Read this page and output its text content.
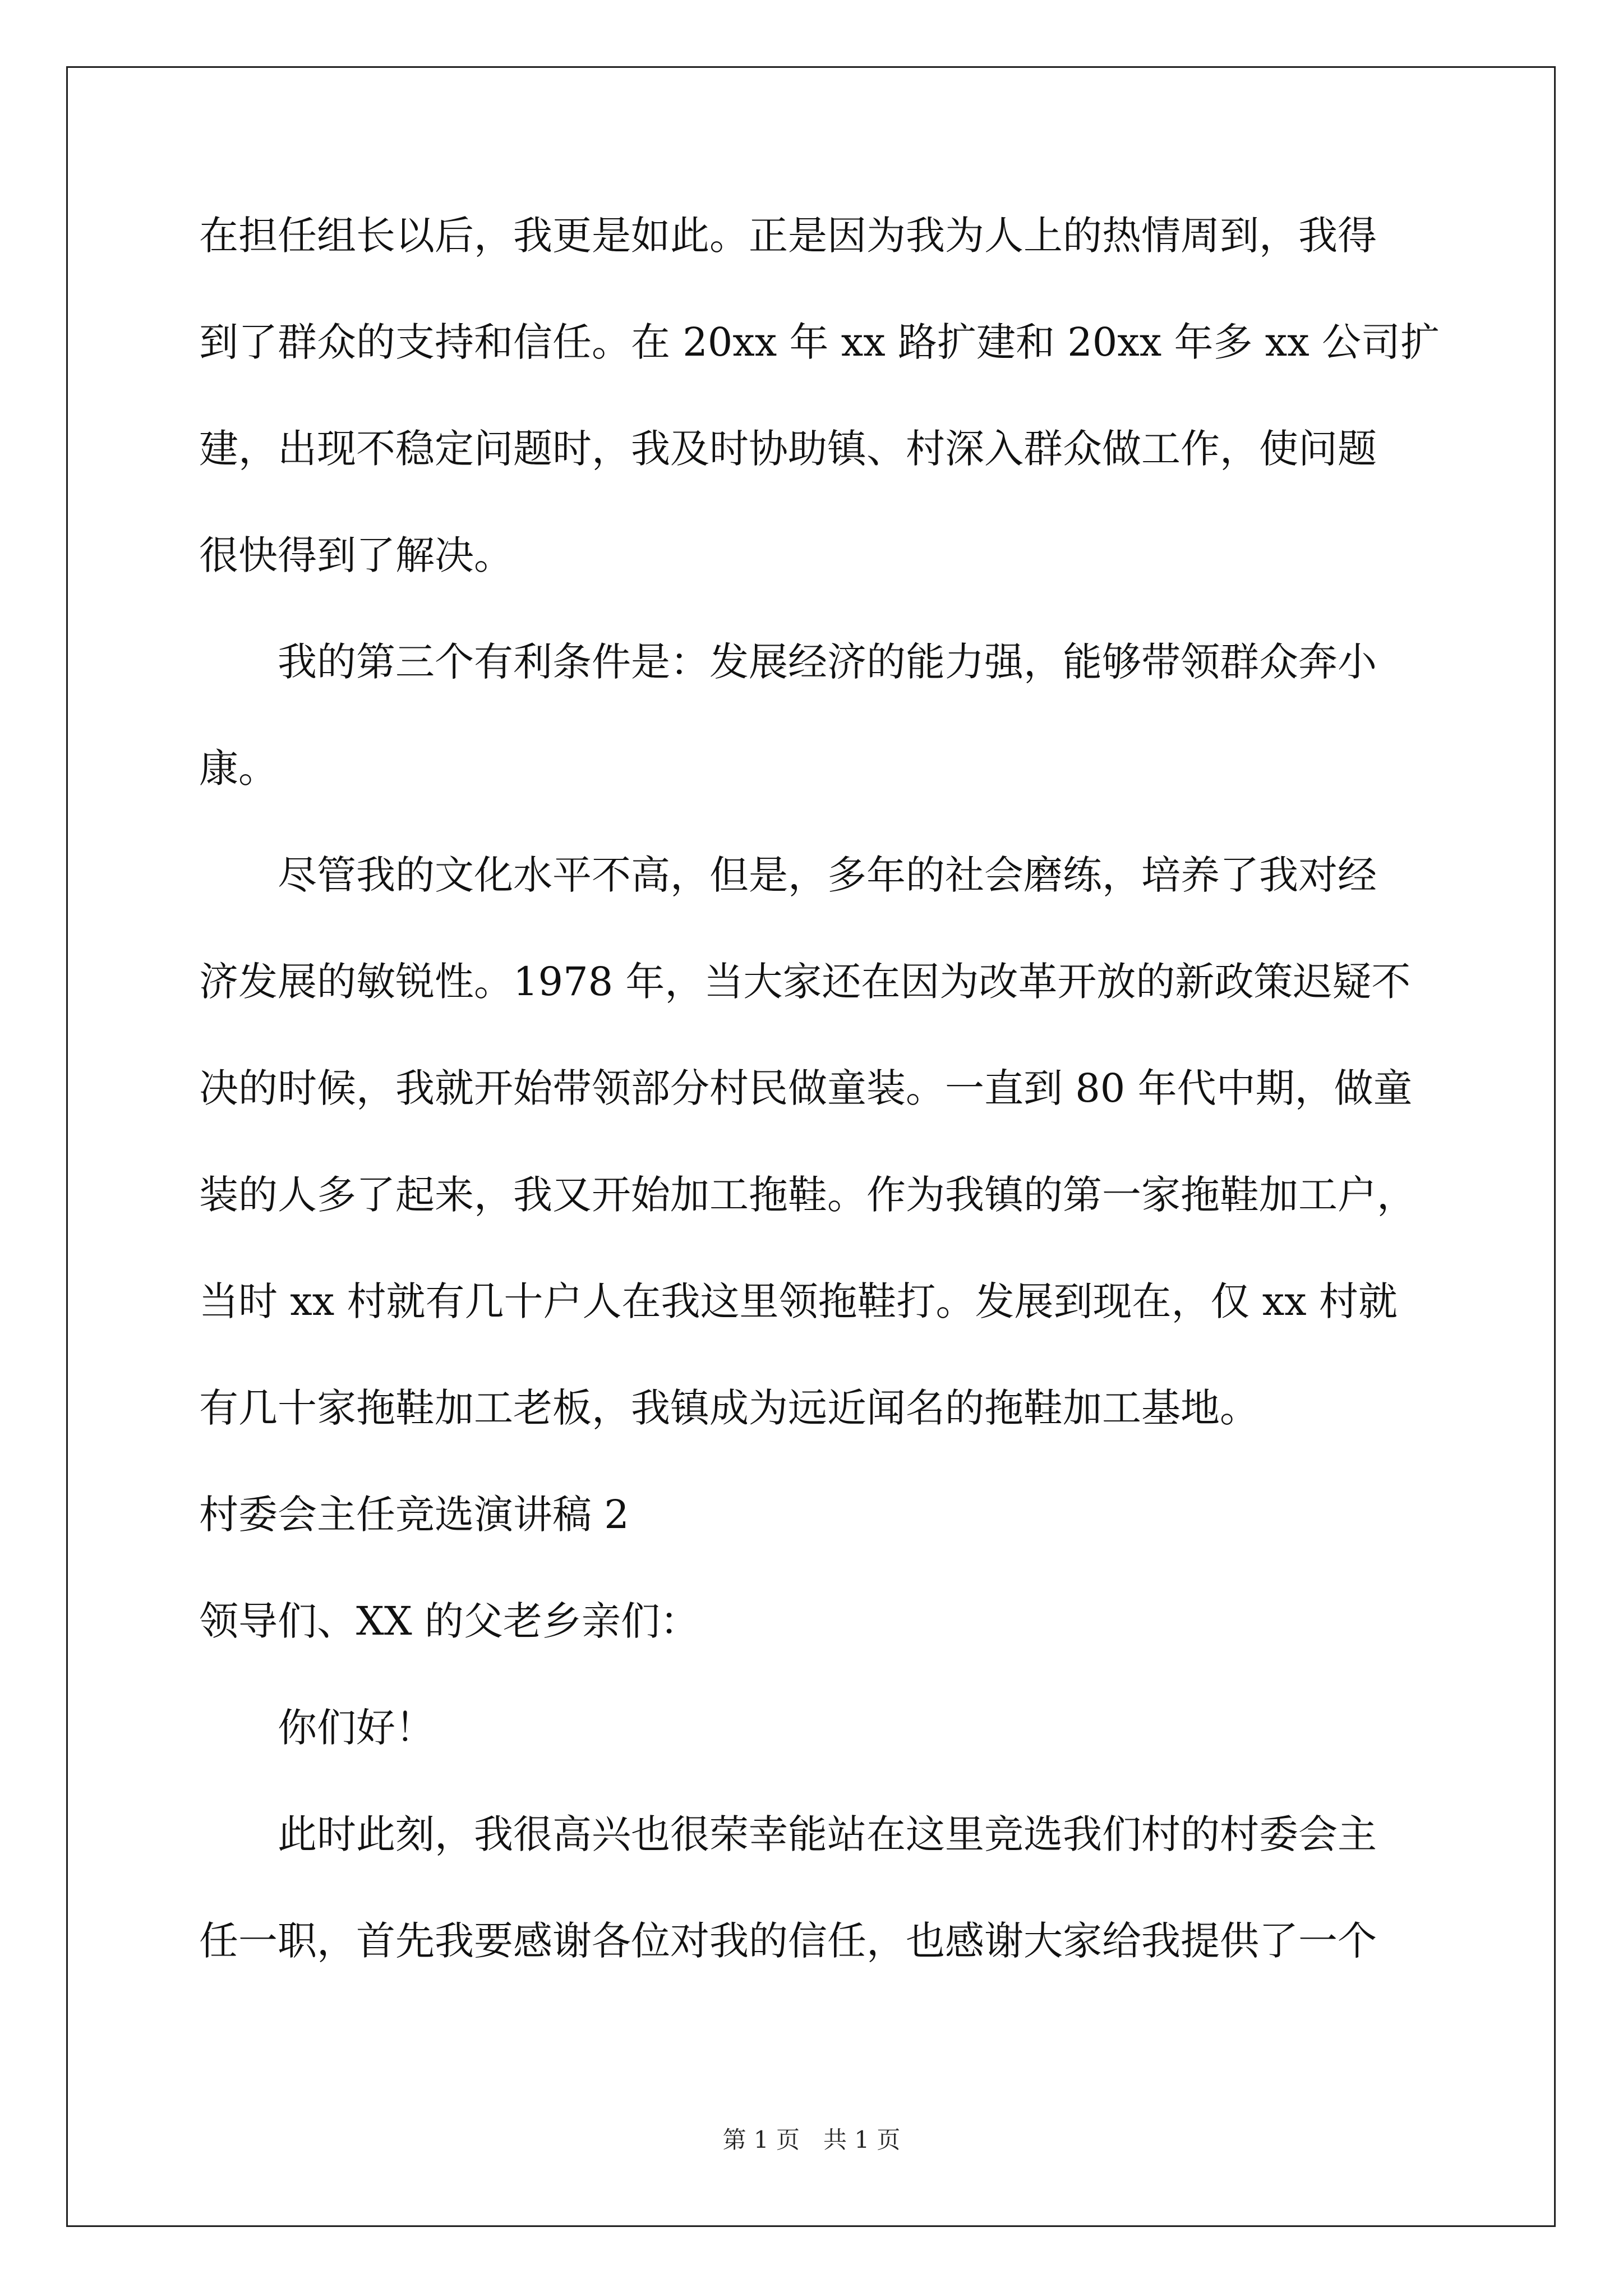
在担任组长以后，我更是如此。正是因为我为人上的热情周到，我得
到了群众的支持和信任。在 20xx 年 xx 路扩建和 20xx 年多 xx 公司扩
建，出现不稳定问题时，我及时协助镇、村深入群众做工作，使问题
很快得到了解决。
我的第三个有利条件是：发展经济的能力强，能够带领群众奔小
康。
尽管我的文化水平不高，但是，多年的社会磨练，培养了我对经
济发展的敏锐性。1978 年，当大家还在因为改革开放的新政策迟疑不
决的时候，我就开始带领部分村民做童装。一直到 80 年代中期，做童
装的人多了起来，我又开始加工拖鞋。作为我镇的第一家拖鞋加工户，
当时 xx 村就有几十户人在我这里领拖鞋打。发展到现在，仅 xx 村就
有几十家拖鞋加工老板，我镇成为远近闻名的拖鞋加工基地。
村委会主任竞选演讲稿 2
领导们、XX 的父老乡亲们：
你们好！
此时此刻，我很高兴也很荣幸能站在这里竞选我们村的村委会主
任一职，首先我要感谢各位对我的信任，也感谢大家给我提供了一个
第 1 页　共 1 页
